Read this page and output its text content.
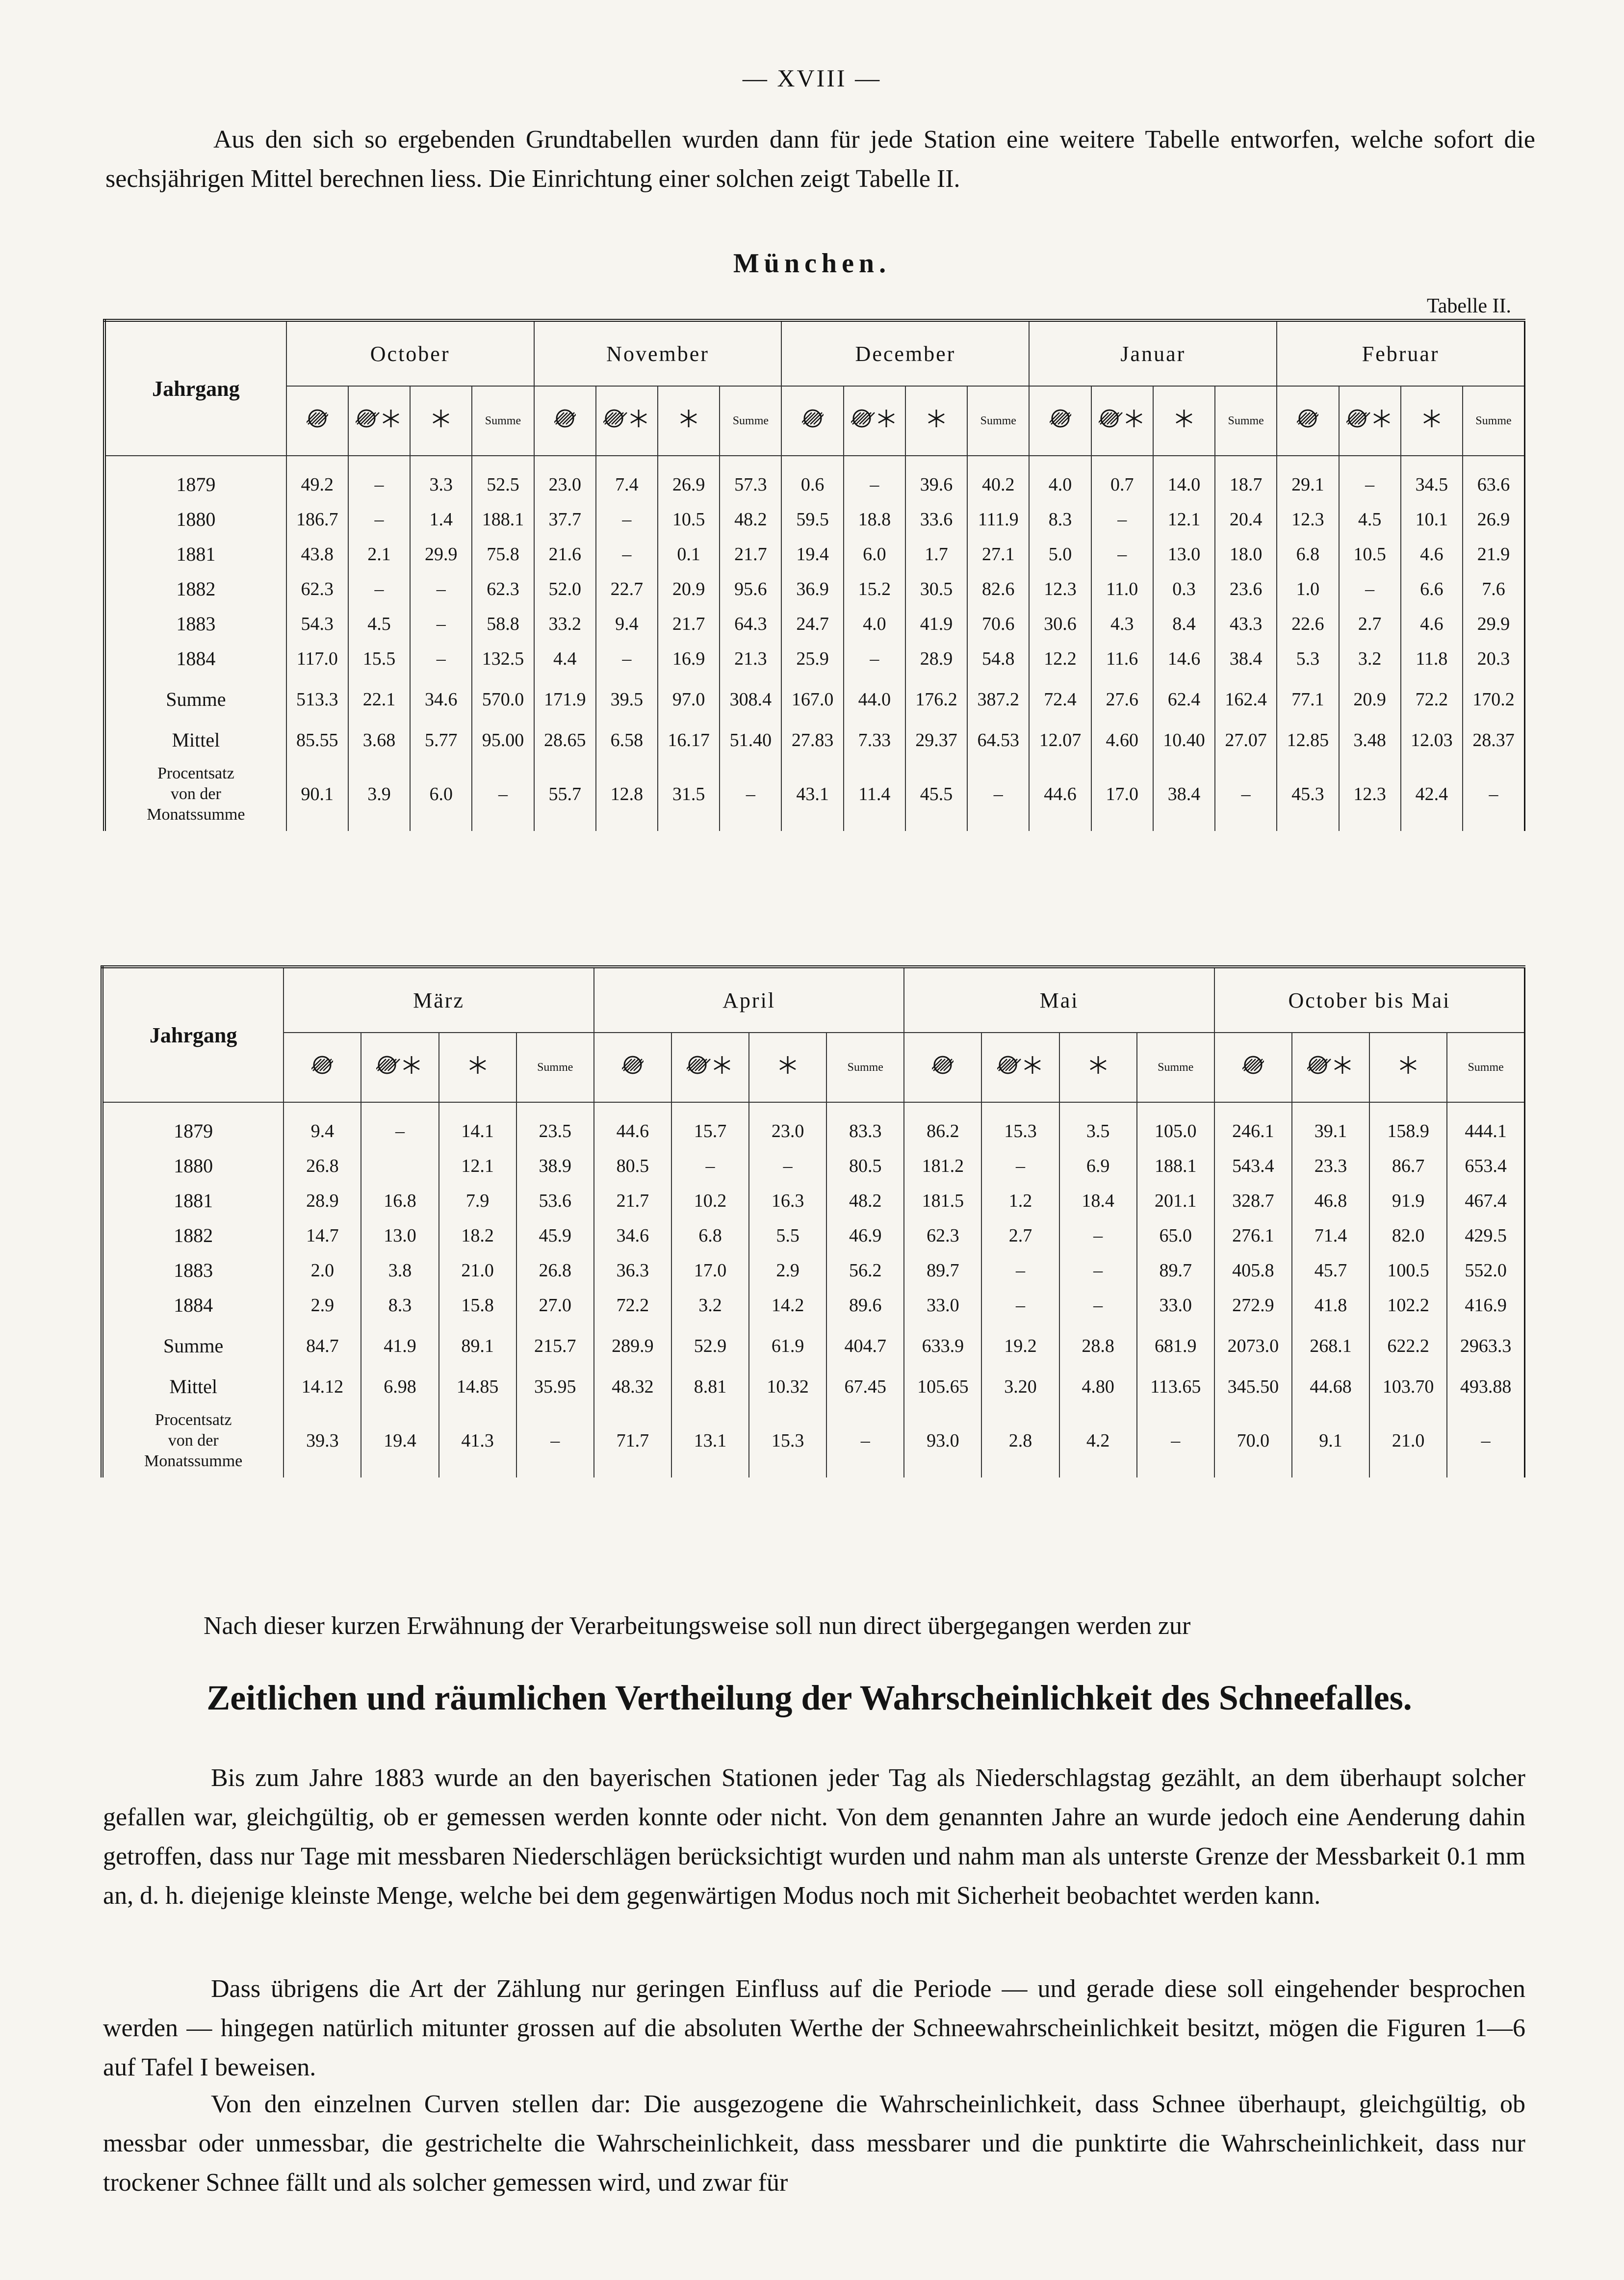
— XVIII —
Aus den sich so ergebenden Grundtabellen wurden dann für jede Station eine weitere Tabelle entworfen, welche sofort die sechsjährigen Mittel berechnen liess. Die Einrichtung einer solchen zeigt Tabelle II.
München.
Tabelle II.
Jahrgang	October				November				December				Januar				Februar			
			Summe				Summe				Summe				Summe				Summe
1879	49.2	–	3.3	52.5	23.0	7.4	26.9	57.3	0.6	–	39.6	40.2	4.0	0.7	14.0	18.7	29.1	–	34.5	63.6
1880	186.7	–	1.4	188.1	37.7	–	10.5	48.2	59.5	18.8	33.6	111.9	8.3	–	12.1	20.4	12.3	4.5	10.1	26.9
1881	43.8	2.1	29.9	75.8	21.6	–	0.1	21.7	19.4	6.0	1.7	27.1	5.0	–	13.0	18.0	6.8	10.5	4.6	21.9
1882	62.3	–	–	62.3	52.0	22.7	20.9	95.6	36.9	15.2	30.5	82.6	12.3	11.0	0.3	23.6	1.0	–	6.6	7.6
1883	54.3	4.5	–	58.8	33.2	9.4	21.7	64.3	24.7	4.0	41.9	70.6	30.6	4.3	8.4	43.3	22.6	2.7	4.6	29.9
1884	117.0	15.5	–	132.5	4.4	–	16.9	21.3	25.9	–	28.9	54.8	12.2	11.6	14.6	38.4	5.3	3.2	11.8	20.3
Summe	513.3	22.1	34.6	570.0	171.9	39.5	97.0	308.4	167.0	44.0	176.2	387.2	72.4	27.6	62.4	162.4	77.1	20.9	72.2	170.2
Mittel	85.55	3.68	5.77	95.00	28.65	6.58	16.17	51.40	27.83	7.33	29.37	64.53	12.07	4.60	10.40	27.07	12.85	3.48	12.03	28.37

Procentsatz
von der
Monatssumme	90.1	3.9	6.0	–	55.7	12.8	31.5	–	43.1	11.4	45.5	–	44.6	17.0	38.4	–	45.3	12.3	42.4	–
Jahrgang	März				April				Mai				October bis Mai			
			Summe				Summe				Summe				Summe
1879	9.4	–	14.1	23.5	44.6	15.7	23.0	83.3	86.2	15.3	3.5	105.0	246.1	39.1	158.9	444.1
1880	26.8		12.1	38.9	80.5	–	–	80.5	181.2	–	6.9	188.1	543.4	23.3	86.7	653.4
1881	28.9	16.8	7.9	53.6	21.7	10.2	16.3	48.2	181.5	1.2	18.4	201.1	328.7	46.8	91.9	467.4
1882	14.7	13.0	18.2	45.9	34.6	6.8	5.5	46.9	62.3	2.7	–	65.0	276.1	71.4	82.0	429.5
1883	2.0	3.8	21.0	26.8	36.3	17.0	2.9	56.2	89.7	–	–	89.7	405.8	45.7	100.5	552.0
1884	2.9	8.3	15.8	27.0	72.2	3.2	14.2	89.6	33.0	–	–	33.0	272.9	41.8	102.2	416.9
Summe	84.7	41.9	89.1	215.7	289.9	52.9	61.9	404.7	633.9	19.2	28.8	681.9	2073.0	268.1	622.2	2963.3
Mittel	14.12	6.98	14.85	35.95	48.32	8.81	10.32	67.45	105.65	3.20	4.80	113.65	345.50	44.68	103.70	493.88

Procentsatz
von der
Monatssumme	39.3	19.4	41.3	–	71.7	13.1	15.3	–	93.0	2.8	4.2	–	70.0	9.1	21.0	–
Nach dieser kurzen Erwähnung der Verarbeitungsweise soll nun direct übergegangen werden zur
Zeitlichen und räumlichen Vertheilung der Wahrscheinlichkeit des Schneefalles.
Bis zum Jahre 1883 wurde an den bayerischen Stationen jeder Tag als Niederschlagstag gezählt, an dem überhaupt solcher gefallen war, gleichgültig, ob er gemessen werden konnte oder nicht. Von dem genannten Jahre an wurde jedoch eine Aenderung dahin getroffen, dass nur Tage mit messbaren Niederschlägen berücksichtigt wurden und nahm man als unterste Grenze der Messbarkeit 0.1 mm an, d. h. diejenige kleinste Menge, welche bei dem gegenwärtigen Modus noch mit Sicherheit beobachtet werden kann.
Dass übrigens die Art der Zählung nur geringen Einfluss auf die Periode — und gerade diese soll eingehender besprochen werden — hingegen natürlich mitunter grossen auf die absoluten Werthe der Schneewahrscheinlichkeit besitzt, mögen die Figuren 1—6 auf Tafel I beweisen.
Von den einzelnen Curven stellen dar: Die ausgezogene die Wahrscheinlichkeit, dass Schnee überhaupt, gleichgültig, ob messbar oder unmessbar, die gestrichelte die Wahrscheinlichkeit, dass messbarer und die punktirte die Wahrscheinlichkeit, dass nur trockener Schnee fällt und als solcher gemessen wird, und zwar für
